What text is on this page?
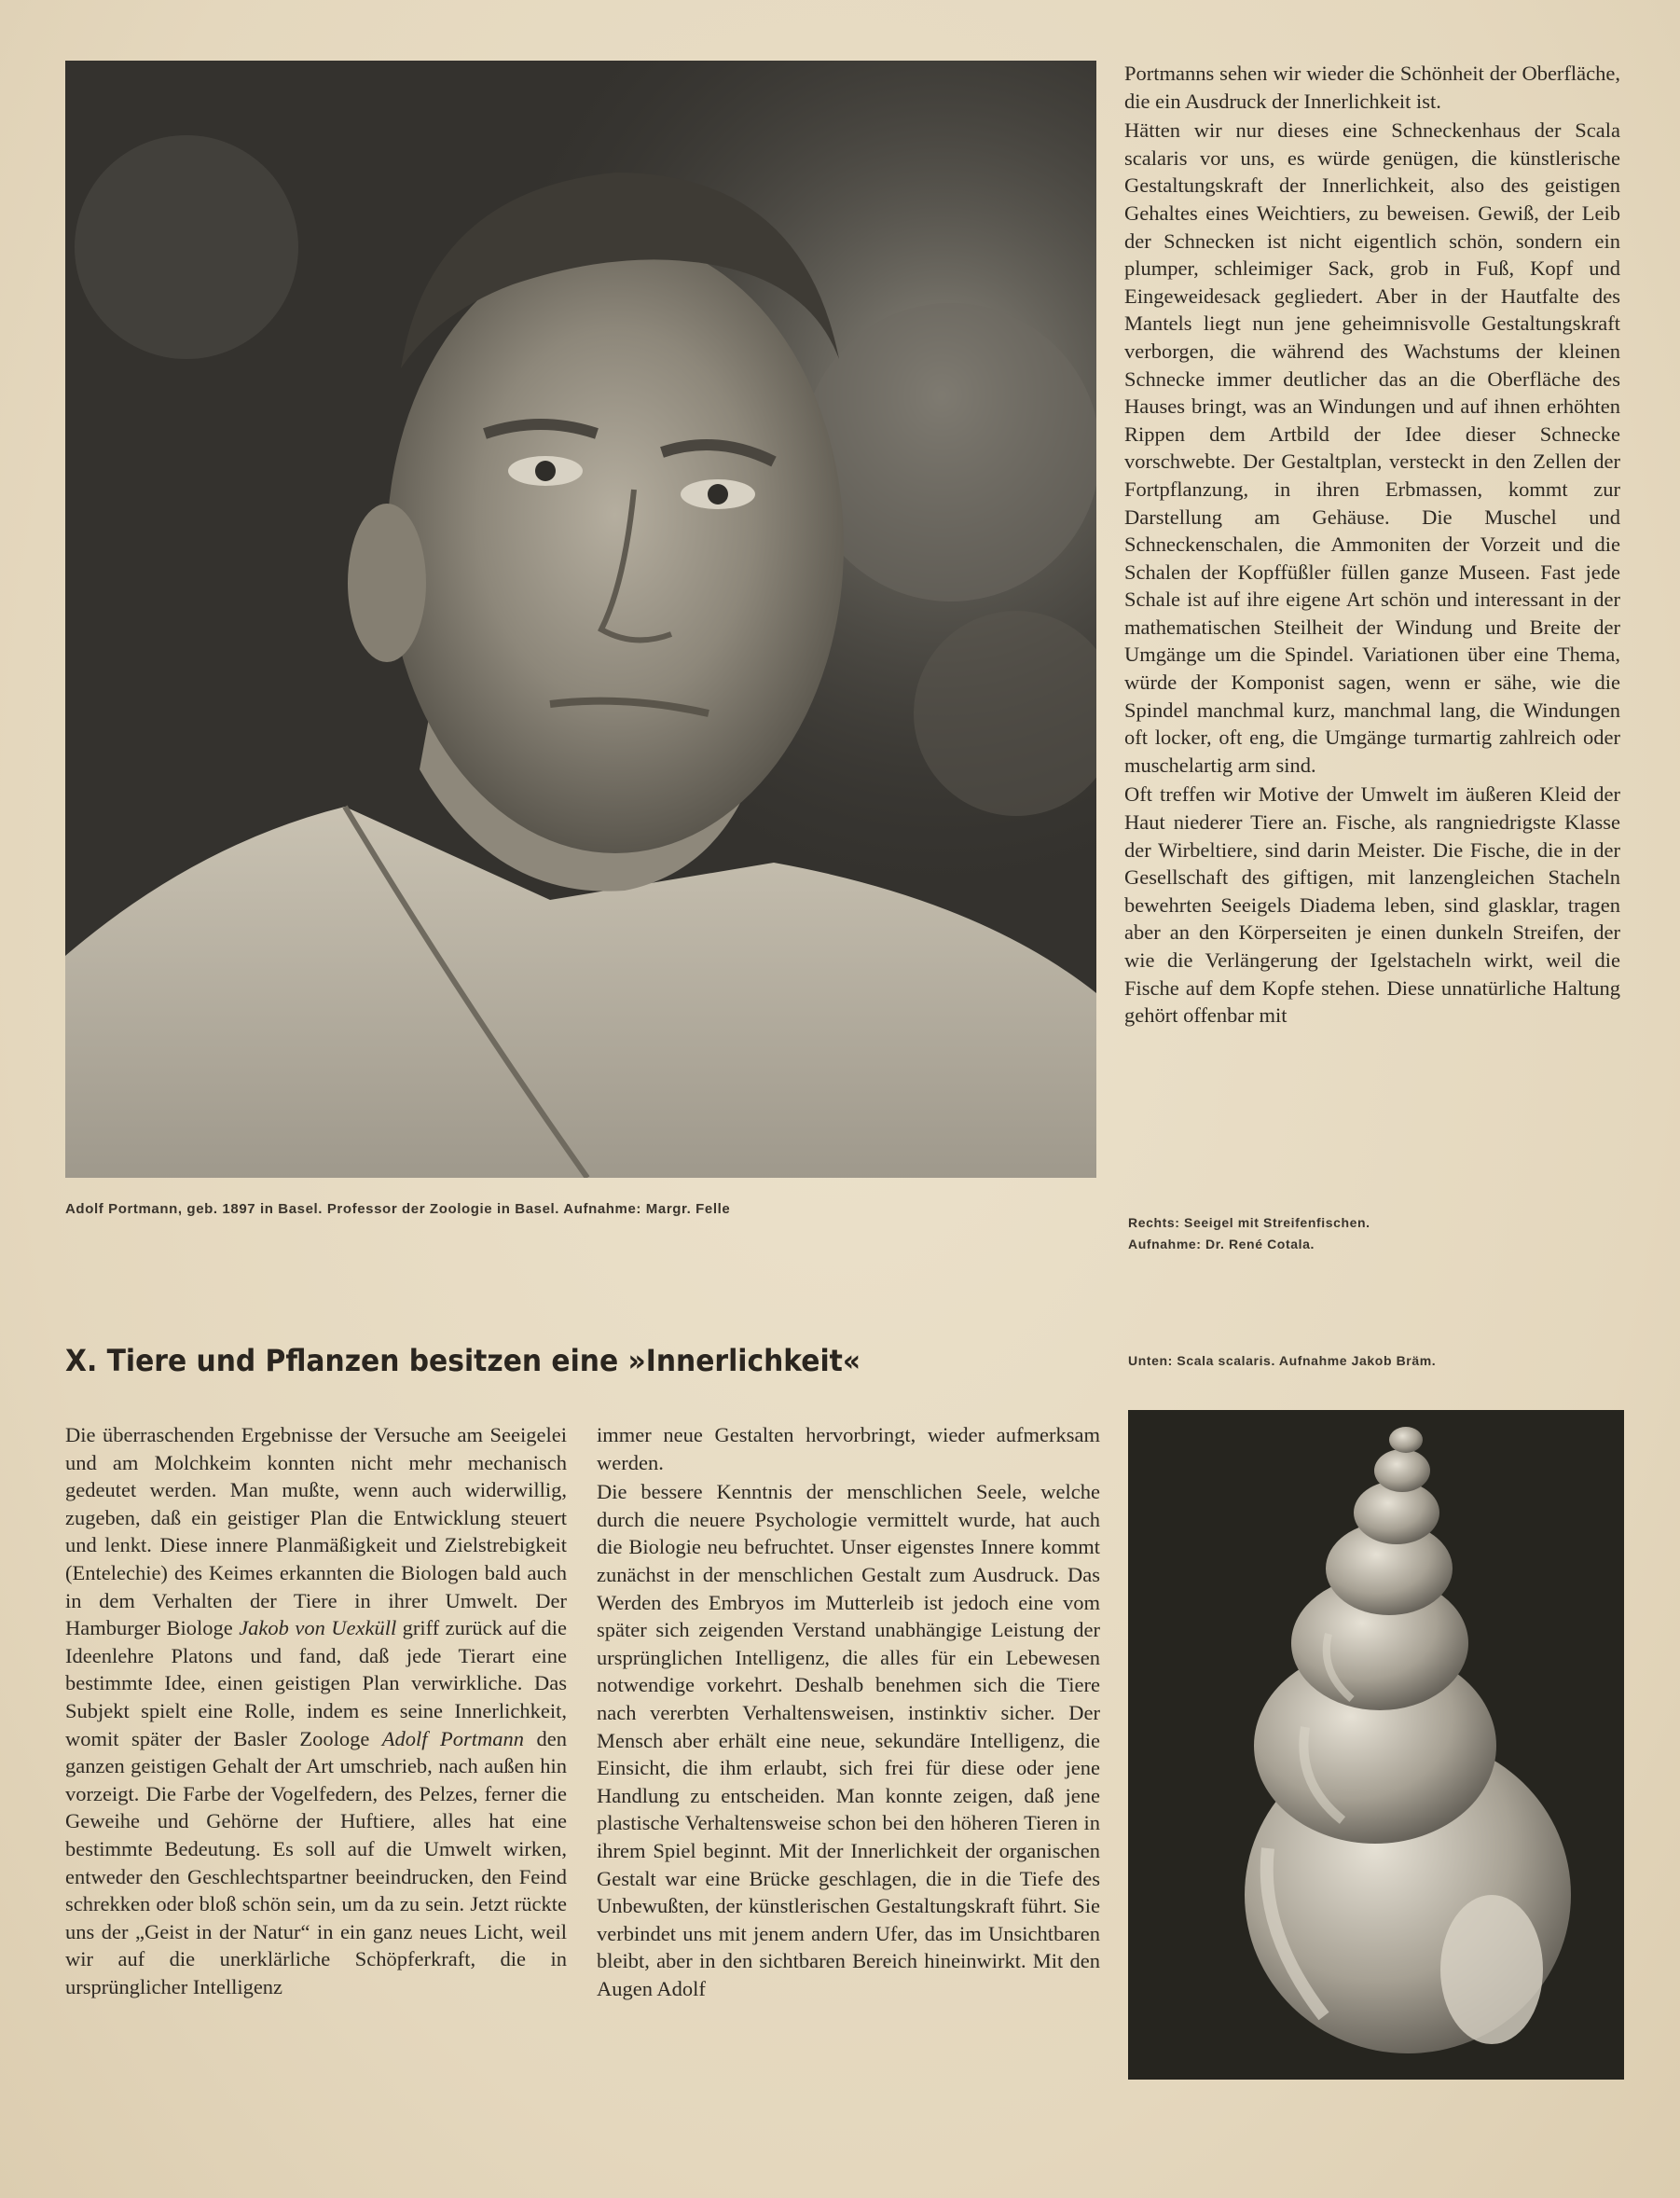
Adolf Portmann, geb. 1897 in Basel. Professor der Zoologie in Basel. Aufnahme: Margr. Felle

Portmanns sehen wir wieder die Schönheit der Oberfläche, die ein Ausdruck der Innerlichkeit ist.

Hätten wir nur dieses eine Schneckenhaus der Scala scalaris vor uns, es würde genügen, die künstlerische Gestaltungskraft der Innerlichkeit, also des geistigen Gehaltes eines Weichtiers, zu beweisen. Gewiß, der Leib der Schnecken ist nicht eigentlich schön, sondern ein plumper, schleimiger Sack, grob in Fuß, Kopf und Eingeweidesack gegliedert. Aber in der Hautfalte des Mantels liegt nun jene geheimnisvolle Gestaltungskraft verborgen, die während des Wachstums der kleinen Schnecke immer deutlicher das an die Oberfläche des Hauses bringt, was an Windungen und auf ihnen erhöhten Rippen dem Artbild der Idee dieser Schnecke vorschwebte. Der Gestaltplan, versteckt in den Zellen der Fortpflanzung, in ihren Erbmassen, kommt zur Darstellung am Gehäuse. Die Muschel und Schneckenschalen, die Ammoniten der Vorzeit und die Schalen der Kopffüßler füllen ganze Museen. Fast jede Schale ist auf ihre eigene Art schön und interessant in der mathematischen Steilheit der Windung und Breite der Umgänge um die Spindel. Variationen über eine Thema, würde der Komponist sagen, wenn er sähe, wie die Spindel manchmal kurz, manchmal lang, die Windungen oft locker, oft eng, die Umgänge turmartig zahlreich oder muschelartig arm sind.

Oft treffen wir Motive der Umwelt im äußeren Kleid der Haut niederer Tiere an. Fische, als rangniedrigste Klasse der Wirbeltiere, sind darin Meister. Die Fische, die in der Gesellschaft des giftigen, mit lanzengleichen Stacheln bewehrten Seeigels Diadema leben, sind glasklar, tragen aber an den Körperseiten je einen dunkeln Streifen, der wie die Verlängerung der Igelstacheln wirkt, weil die Fische auf dem Kopfe stehen. Diese unnatürliche Haltung gehört offenbar mit

Rechts: Seeigel mit Streifenfischen.

Aufnahme: Dr. René Cotala.

X. Tiere und Pflanzen besitzen eine »Innerlichkeit«	Unten: Scala scalaris. Aufnahme Jakob Bräm.

Die überraschenden Ergebnisse der Versuche am Seeigelei und am Molchkeim konnten nicht mehr mechanisch gedeutet werden. Man mußte, wenn auch widerwillig, zugeben, daß ein geistiger Plan die Entwicklung steuert und lenkt. Diese innere Planmäßigkeit und Zielstrebigkeit (Entelechie) des Keimes erkannten die Biologen bald auch in dem Verhalten der Tiere in ihrer Umwelt. Der Hamburger Biologe Jakob von Uexküll griff zurück auf die Ideenlehre Platons und fand, daß jede Tierart eine bestimmte Idee, einen geistigen Plan verwirkliche. Das Subjekt spielt eine Rolle, indem es seine Innerlichkeit, womit später der Basler Zoologe Adolf Portmann den ganzen geistigen Gehalt der Art umschrieb, nach außen hin vorzeigt. Die Farbe der Vogelfedern, des Pelzes, ferner die Geweihe und Gehörne der Huftiere, alles hat eine bestimmte Bedeutung. Es soll auf die Umwelt wirken, entweder den Geschlechtspartner beeindrucken, den Feind schrekken oder bloß schön sein, um da zu sein. Jetzt rückte uns der „Geist in der Natur“ in ein ganz neues Licht, weil wir auf die unerklärliche Schöpferkraft, die in ursprünglicher Intelligenz

immer neue Gestalten hervorbringt, wieder aufmerksam werden.

Die bessere Kenntnis der menschlichen Seele, welche durch die neuere Psychologie vermittelt wurde, hat auch die Biologie neu befruchtet. Unser eigenstes Innere kommt zunächst in der menschlichen Gestalt zum Ausdruck. Das Werden des Embryos im Mutterleib ist jedoch eine vom später sich zeigenden Verstand unabhängige Leistung der ursprünglichen Intelligenz, die alles für ein Lebewesen notwendige vorkehrt. Deshalb benehmen sich die Tiere nach vererbten Verhaltensweisen, instinktiv sicher. Der Mensch aber erhält eine neue, sekundäre Intelligenz, die Einsicht, die ihm erlaubt, sich frei für diese oder jene Handlung zu entscheiden. Man konnte zeigen, daß jene plastische Verhaltensweise schon bei den höheren Tieren in ihrem Spiel beginnt. Mit der Innerlichkeit der organischen Gestalt war eine Brücke geschlagen, die in die Tiefe des Unbewußten, der künstlerischen Gestaltungskraft führt. Sie verbindet uns mit jenem andern Ufer, das im Unsichtbaren bleibt, aber in den sichtbaren Bereich hineinwirkt. Mit den Augen Adolf
